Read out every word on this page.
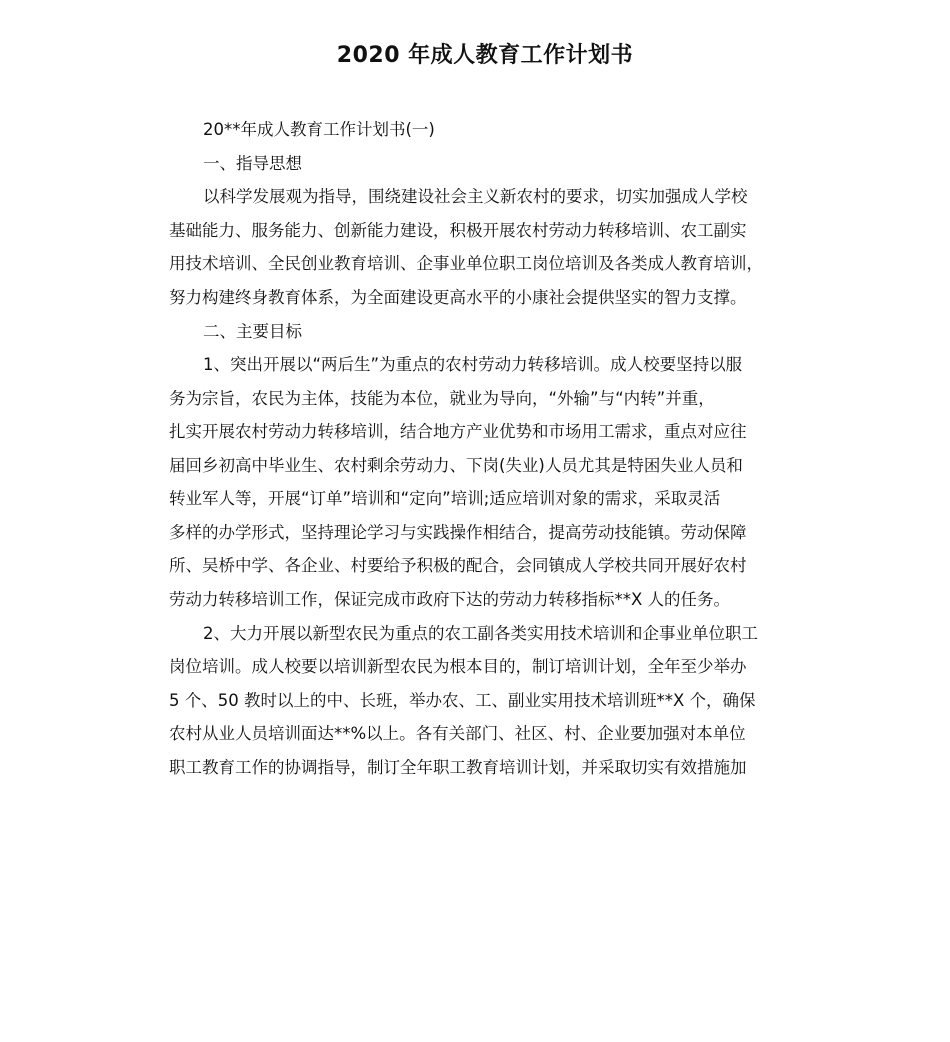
2020 年成人教育工作计划书
20**年成人教育工作计划书(一)
一、指导思想
以科学发展观为指导，围绕建设社会主义新农村的要求，切实加强成人学校
基础能力、服务能力、创新能力建设，积极开展农村劳动力转移培训、农工副实
用技术培训、全民创业教育培训、企事业单位职工岗位培训及各类成人教育培训，
努力构建终身教育体系，为全面建设更高水平的小康社会提供坚实的智力支撑。
二、主要目标
1、突出开展以“两后生”为重点的农村劳动力转移培训。成人校要坚持以服
务为宗旨，农民为主体，技能为本位，就业为导向，“外输”与“内转”并重，
扎实开展农村劳动力转移培训，结合地方产业优势和市场用工需求，重点对应往
届回乡初高中毕业生、农村剩余劳动力、下岗(失业)人员尤其是特困失业人员和
转业军人等，开展“订单”培训和“定向”培训;适应培训对象的需求，采取灵活
多样的办学形式，坚持理论学习与实践操作相结合，提高劳动技能镇。劳动保障
所、吴桥中学、各企业、村要给予积极的配合，会同镇成人学校共同开展好农村
劳动力转移培训工作，保证完成市政府下达的劳动力转移指标**X 人的任务。
2、大力开展以新型农民为重点的农工副各类实用技术培训和企事业单位职工
岗位培训。成人校要以培训新型农民为根本目的，制订培训计划，全年至少举办
5 个、50 教时以上的中、长班，举办农、工、副业实用技术培训班**X 个，确保
农村从业人员培训面达**%以上。各有关部门、社区、村、企业要加强对本单位
职工教育工作的协调指导，制订全年职工教育培训计划，并采取切实有效措施加
